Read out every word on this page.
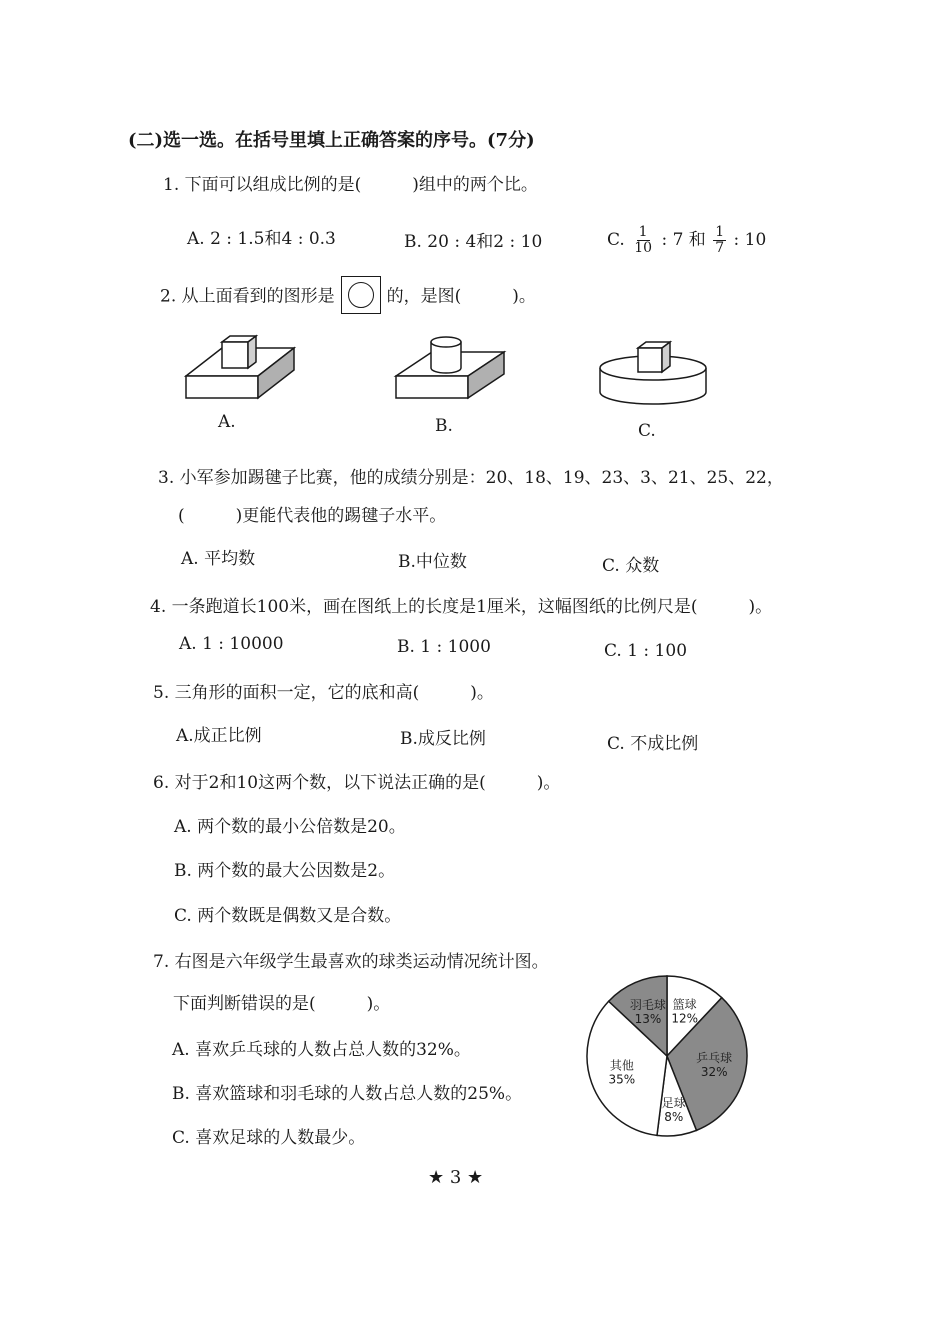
(二)选一选。在括号里填上正确答案的序号。(7分)
1. 下面可以组成比例的是(　　　)组中的两个比。
A. 2 : 1.5和4 : 0.3	B. 20 : 4和2 : 10	C. $\frac{1}{10}$ : 7 和 $\frac{1}{7}$ : 10
2. 从上面看到的图形是	的，是图(　　　)。
A.	B.	C.
3. 小军参加踢毽子比赛，他的成绩分别是：20、18、19、23、3、21、25、22，
(　　　)更能代表他的踢毽子水平。
A. 平均数	B.中位数	C. 众数
4. 一条跑道长100米，画在图纸上的长度是1厘米，这幅图纸的比例尺是(　　　)。
A. 1 : 10000	B. 1 : 1000	C. 1 : 100
5. 三角形的面积一定，它的底和高(　　　)。
A.成正比例	B.成反比例	C. 不成比例
6. 对于2和10这两个数，以下说法正确的是(　　　)。
A. 两个数的最小公倍数是20。
B. 两个数的最大公因数是2。
C. 两个数既是偶数又是合数。
7. 右图是六年级学生最喜欢的球类运动情况统计图。
下面判断错误的是(　　　)。
A. 喜欢乒乓球的人数占总人数的32%。
B. 喜欢篮球和羽毛球的人数占总人数的25%。
C. 喜欢足球的人数最少。
篮球
12%
乒乓球
32%
足球
8%
其他
35%
羽毛球
13%
★ 3 ★
